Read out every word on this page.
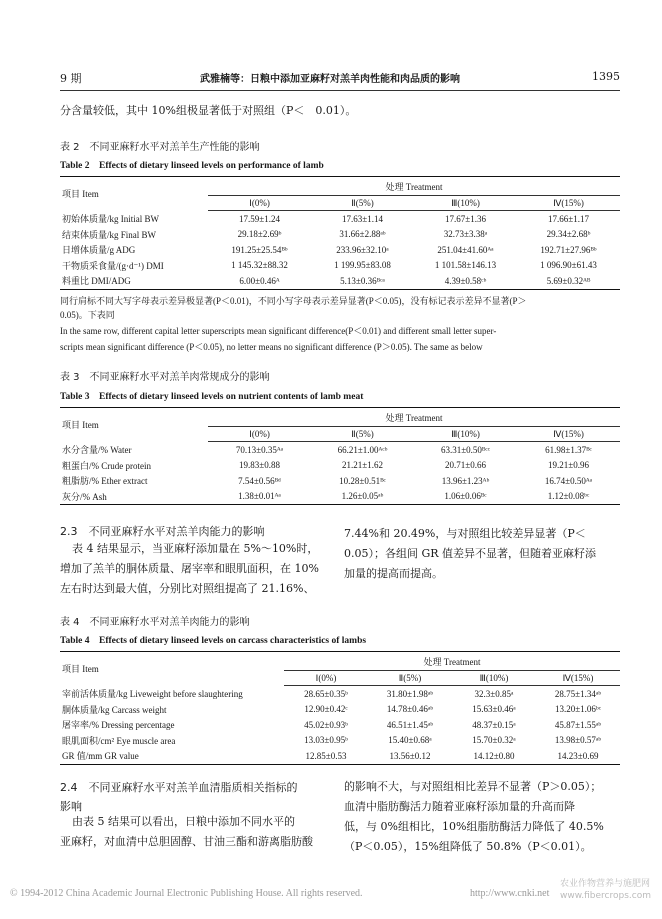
9 期	武雅楠等：日粮中添加亚麻籽对羔羊肉性能和肉品质的影响	1395
分含量较低，其中 10%组极显著低于对照组（P＜　0.01）。
表 2　不同亚麻籽水平对羔羊生产性能的影响
Table 2　Effects of dietary linseed levels on performance of lamb
项目 Item	处理 Treatment			
	Ⅰ(0%)	Ⅱ(5%)	Ⅲ(10%)	Ⅳ(15%)
初始体质量/kg Initial BW	17.59±1.24	17.63±1.14	17.67±1.36	17.66±1.17
结束体质量/kg Final BW	29.18±2.69ᵇ	31.66±2.88ᵃᵇ	32.73±3.38ᵃ	29.34±2.68ᵇ
日增体质量/g ADG	191.25±25.54ᴮᵇ	233.96±32.10ᵃ	251.04±41.60ᴬᵃ	192.71±27.96ᴮᵇ
干物质采食量/(g·d⁻¹) DMI	1 145.32±88.32	1 199.95±83.08	1 101.58±146.13	1 096.90±61.43
料重比 DMI/ADG	6.00±0.46ᴬ	5.13±0.36ᴮᶜᵃ	4.39±0.58ᶜᵇ	5.69±0.32ᴬᴮ
同行肩标不同大写字母表示差异极显著(P＜0.01)，不同小写字母表示差异显著(P＜0.05)，没有标记表示差异不显著(P＞
0.05)。下表同
In the same row, different capital letter superscripts mean significant difference(P＜0.01) and different small letter super-
scripts mean significant difference (P＜0.05), no letter means no significant difference (P＞0.05). The same as below
表 3　不同亚麻籽水平对羔羊肉常规成分的影响
Table 3　Effects of dietary linseed levels on nutrient contents of lamb meat
项目 Item	处理 Treatment			
	Ⅰ(0%)	Ⅱ(5%)	Ⅲ(10%)	Ⅳ(15%)
水分含量/% Water	70.13±0.35ᴬᵃ	66.21±1.00ᴬᶜᵇ	63.31±0.50ᴮᶜᶜ	61.98±1.37ᴮᶜ
粗蛋白/% Crude protein	19.83±0.88	21.21±1.62	20.71±0.66	19.21±0.96
粗脂肪/% Ether extract	7.54±0.56ᴮᵈ	10.28±0.51ᴮᶜ	13.96±1.23ᴬᵇ	16.74±0.50ᴬᵃ
灰分/% Ash	1.38±0.01ᴬᵃ	1.26±0.05ᵃᵇ	1.06±0.06ᴮᶜ	1.12±0.08ᵇᶜ
2.3　不同亚麻籽水平对羔羊肉能力的影响
表 4 结果显示，当亚麻籽添加量在 5%～10%时，
增加了羔羊的胴体质量、屠宰率和眼肌面积，在 10%
左右时达到最大值，分别比对照组提高了 21.16%、
7.44%和 20.49%，与对照组比较差异显著（P＜
0.05）；各组间 GR 值差异不显著，但随着亚麻籽添
加量的提高而提高。
表 4　不同亚麻籽水平对羔羊肉能力的影响
Table 4　Effects of dietary linseed levels on carcass characteristics of lambs
项目 Item	处理 Treatment			
	Ⅰ(0%)	Ⅱ(5%)	Ⅲ(10%)	Ⅳ(15%)
宰前活体质量/kg Liveweight before slaughtering	28.65±0.35ᵇ	31.80±1.98ᵃᵇ	32.3±0.85ᵃ	28.75±1.34ᵃᵇ
胴体质量/kg Carcass weight	12.90±0.42ᶜ	14.78±0.46ᵃᵇ	15.63±0.46ᵃ	13.20±1.06ᵇᶜ
屠宰率/% Dressing percentage	45.02±0.93ᵇ	46.51±1.45ᵃᵇ	48.37±0.15ᵃ	45.87±1.55ᵃᵇ
眼肌面积/cm² Eye muscle area	13.03±0.95ᵇ	15.40±0.68ᵃ	15.70±0.32ᵃ	13.98±0.57ᵃᵇ
GR 值/mm GR value	12.85±0.53	13.56±0.12	14.12±0.80	14.23±0.69
2.4　不同亚麻籽水平对羔羊血清脂质相关指标的
影响
由表 5 结果可以看出，日粮中添加不同水平的
亚麻籽，对血清中总胆固醇、甘油三酯和游离脂肪酸
的影响不大，与对照组相比差异不显著（P＞0.05）；
血清中脂肪酶活力随着亚麻籽添加量的升高而降
低，与 0%组相比，10%组脂肪酶活力降低了 40.5%
（P＜0.05），15%组降低了 50.8%（P＜0.01）。
© 1994-2012 China Academic Journal Electronic Publishing House. All rights reserved.	http://www.cnki.net
农业作物营养与施肥网
www.fibercrops.com
